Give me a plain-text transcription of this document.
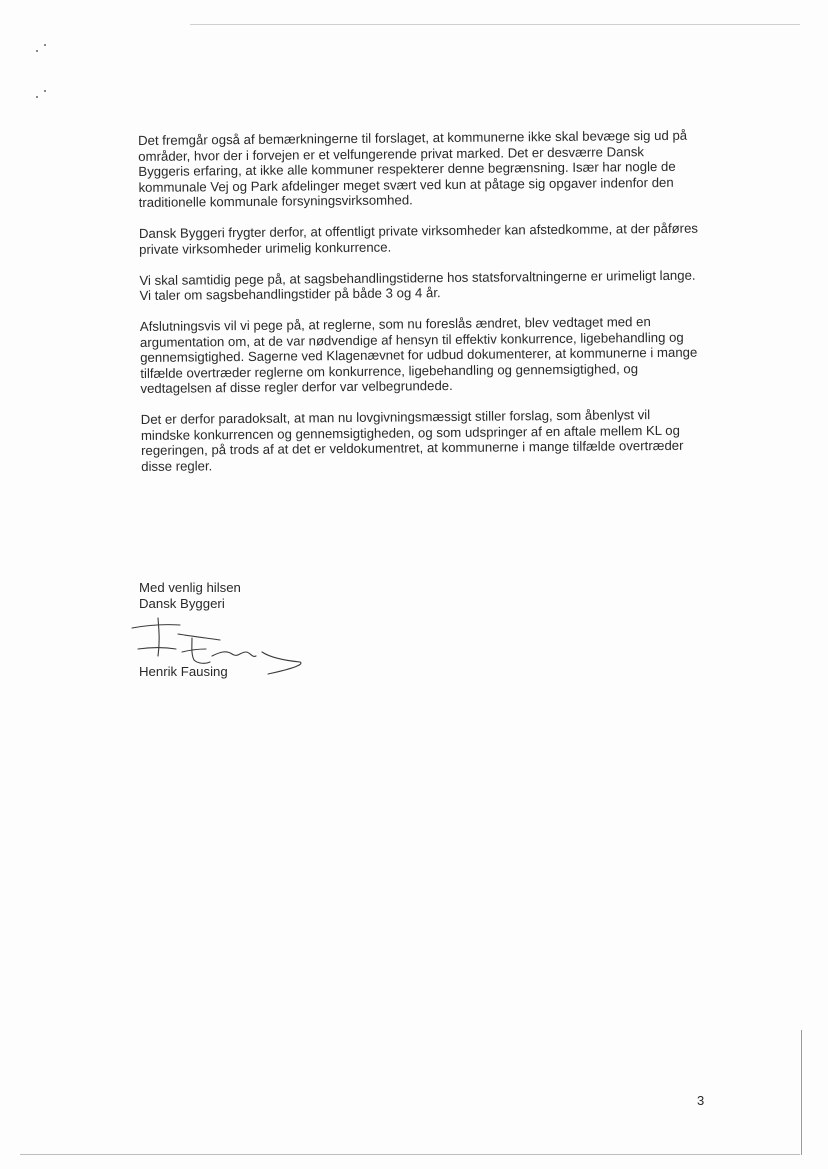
Det fremgår også af bemærkningerne til forslaget, at kommunerne ikke skal bevæge sig ud på områder, hvor der i forvejen er et velfungerende privat marked. Det er desværre Dansk Byggeris erfaring, at ikke alle kommuner respekterer denne begrænsning. Især har nogle de kommunale Vej og Park afdelinger meget svært ved kun at påtage sig opgaver indenfor den traditionelle kommunale forsyningsvirksomhed.

Dansk Byggeri frygter derfor, at offentligt private virksomheder kan afstedkomme, at der påføres private virksomheder urimelig konkurrence.

Vi skal samtidig pege på, at sagsbehandlingstiderne hos statsforvaltningerne er urimeligt lange. Vi taler om sagsbehandlingstider på både 3 og 4 år.

Afslutningsvis vil vi pege på, at reglerne, som nu foreslås ændret, blev vedtaget med en argumentation om, at de var nødvendige af hensyn til effektiv konkurrence, ligebehandling og gennemsigtighed. Sagerne ved Klagenævnet for udbud dokumenterer, at kommunerne i mange tilfælde overtræder reglerne om konkurrence, ligebehandling og gennemsigtighed, og vedtagelsen af disse regler derfor var velbegrundede.

Det er derfor paradoksalt, at man nu lovgivningsmæssigt stiller forslag, som åbenlyst vil mindske konkurrencen og gennemsigtigheden, og som udspringer af en aftale mellem KL og regeringen, på trods af at det er veldokumentret, at kommunerne i mange tilfælde overtræder disse regler.

Med venlig hilsen
Dansk Byggeri
Henrik Fausing
3
